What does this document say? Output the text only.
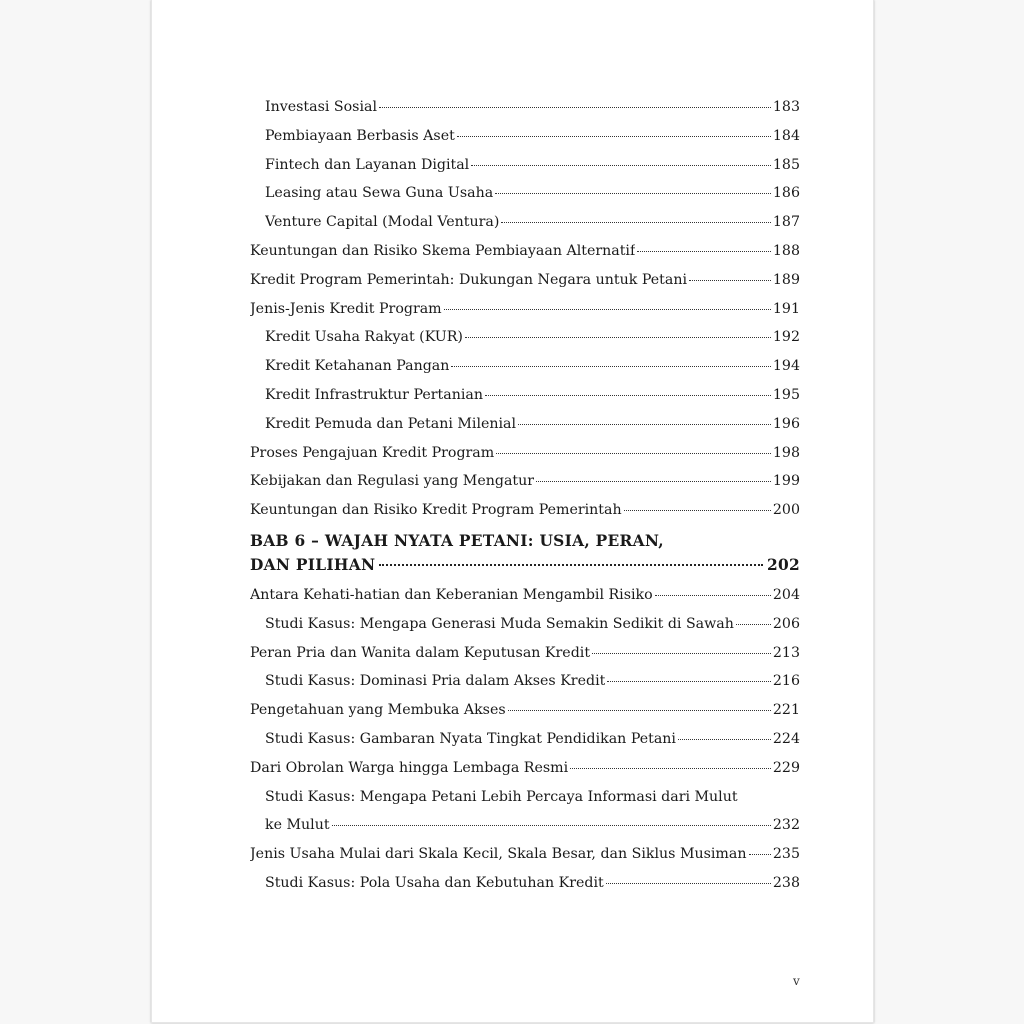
Investasi Sosial	183
Pembiayaan Berbasis Aset	184
Fintech dan Layanan Digital	185
Leasing atau Sewa Guna Usaha	186
Venture Capital (Modal Ventura)	187
Keuntungan dan Risiko Skema Pembiayaan Alternatif	188
Kredit Program Pemerintah: Dukungan Negara untuk Petani	189
Jenis-Jenis Kredit Program	191
Kredit Usaha Rakyat (KUR)	192
Kredit Ketahanan Pangan	194
Kredit Infrastruktur Pertanian	195
Kredit Pemuda dan Petani Milenial	196
Proses Pengajuan Kredit Program	198
Kebijakan dan Regulasi yang Mengatur	199
Keuntungan dan Risiko Kredit Program Pemerintah	200
BAB 6 – WAJAH NYATA PETANI: USIA, PERAN,
DAN PILIHAN	202
Antara Kehati-hatian dan Keberanian Mengambil Risiko	204
Studi Kasus: Mengapa Generasi Muda Semakin Sedikit di Sawah	206
Peran Pria dan Wanita dalam Keputusan Kredit	213
Studi Kasus: Dominasi Pria dalam Akses Kredit	216
Pengetahuan yang Membuka Akses	221
Studi Kasus: Gambaran Nyata Tingkat Pendidikan Petani	224
Dari Obrolan Warga hingga Lembaga Resmi	229
Studi Kasus: Mengapa Petani Lebih Percaya Informasi dari Mulut
ke Mulut	232
Jenis Usaha Mulai dari Skala Kecil, Skala Besar, dan Siklus Musiman 235
Studi Kasus: Pola Usaha dan Kebutuhan Kredit	238
v
